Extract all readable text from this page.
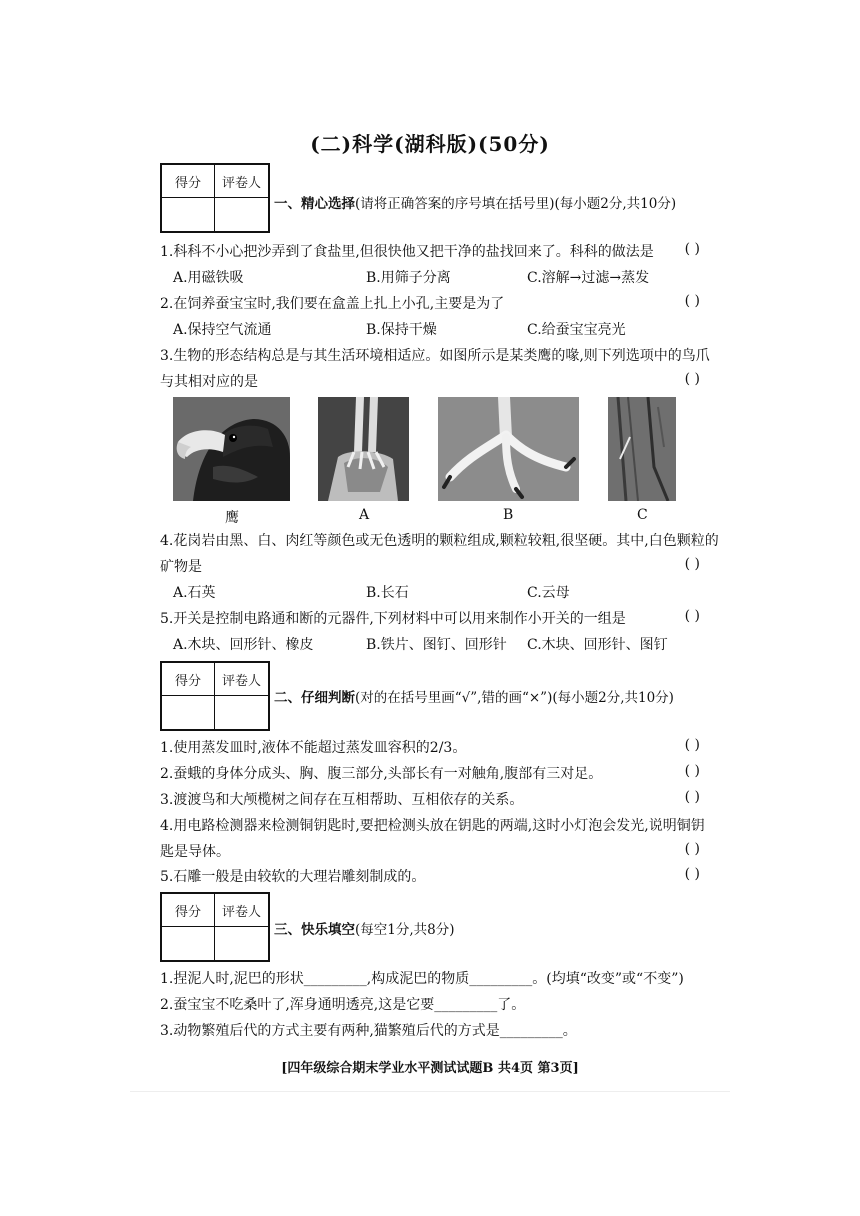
(二)科学(湖科版)(50分)
得分	评卷人
一、精心选择(请将正确答案的序号填在括号里)(每小题2分,共10分)
1.科科不小心把沙弄到了食盐里,但很快他又把干净的盐找回来了。科科的做法是 ( )
A.用磁铁吸	B.用筛子分离	C.溶解→过滤→蒸发
2.在饲养蚕宝宝时,我们要在盒盖上扎上小孔,主要是为了	( )
A.保持空气流通	B.保持干燥	C.给蚕宝宝亮光
3.生物的形态结构总是与其生活环境相适应。如图所示是某类鹰的喙,则下列选项中的鸟爪
与其相对应的是	( )
鹰	A	B	C
4.花岗岩由黑、白、肉红等颜色或无色透明的颗粒组成,颗粒较粗,很坚硬。其中,白色颗粒的
矿物是	( )
A.石英	B.长石	C.云母
5.开关是控制电路通和断的元器件,下列材料中可以用来制作小开关的一组是	( )
A.木块、回形针、橡皮	B.铁片、图钉、回形针 C.木块、回形针、图钉
得分	评卷人
二、仔细判断(对的在括号里画“√”,错的画“×”)(每小题2分,共10分)
1.使用蒸发皿时,液体不能超过蒸发皿容积的2/3。	( )
2.蚕蛾的身体分成头、胸、腹三部分,头部长有一对触角,腹部有三对足。	( )
3.渡渡鸟和大颅榄树之间存在互相帮助、互相依存的关系。	( )
4.用电路检测器来检测铜钥匙时,要把检测头放在钥匙的两端,这时小灯泡会发光,说明铜钥
匙是导体。	( )
5.石雕一般是由较软的大理岩雕刻制成的。	( )
得分	评卷人
三、快乐填空(每空1分,共8分)
1.捏泥人时,泥巴的形状_________,构成泥巴的物质_________。(均填“改变”或“不变”)
2.蚕宝宝不吃桑叶了,浑身通明透亮,这是它要_________了。
3.动物繁殖后代的方式主要有两种,猫繁殖后代的方式是_________。
[四年级综合期末学业水平测试试题B 共4页 第3页]
